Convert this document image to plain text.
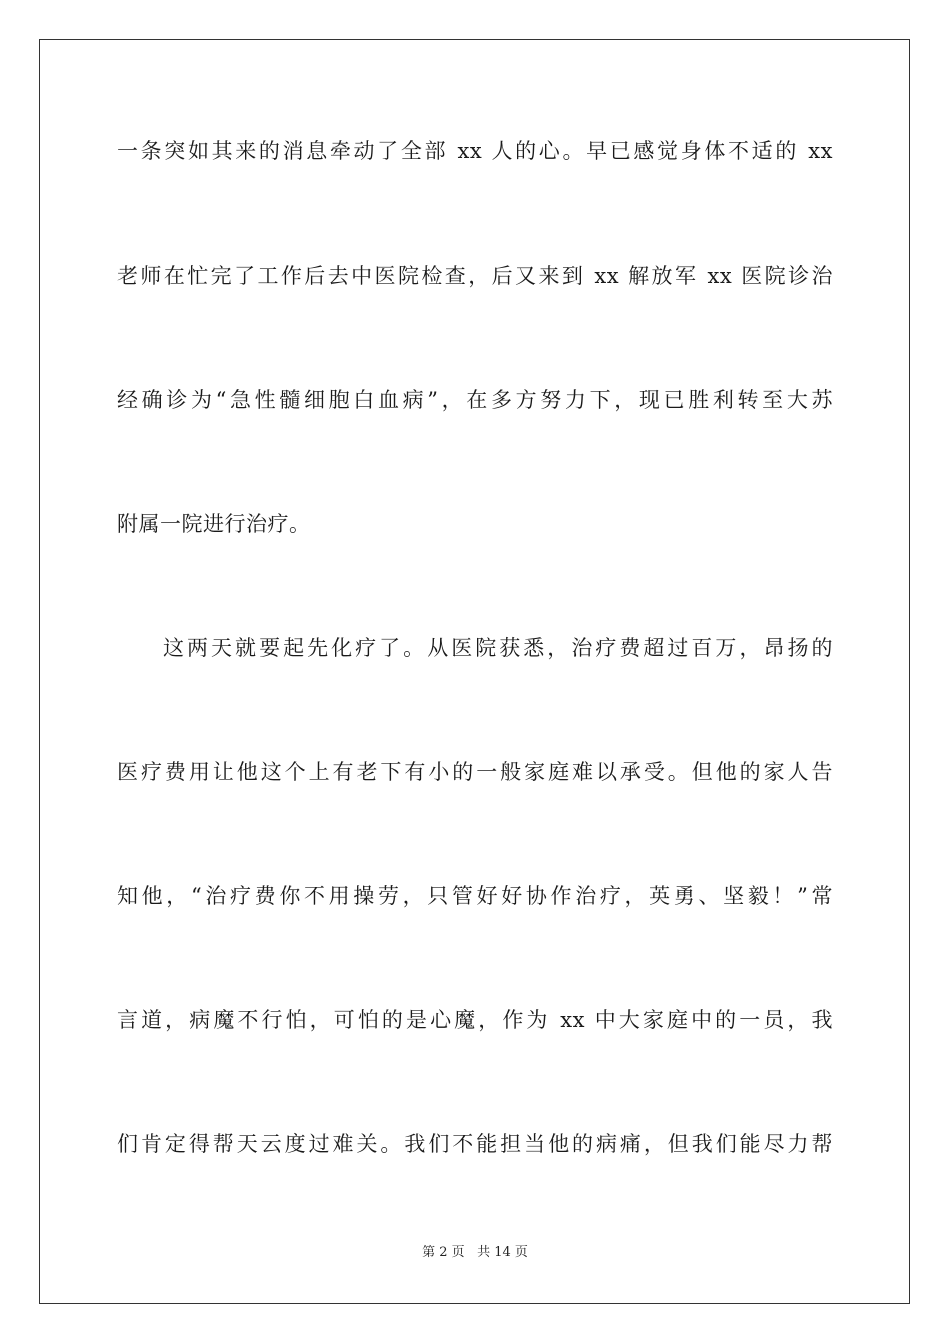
一条突如其来的消息牵动了全部 xx 人的心。早已感觉身体不适的 xx
老师在忙完了工作后去中医院检查，后又来到 xx 解放军 xx 医院诊治
经确诊为“急性髓细胞白血病”，在多方努力下，现已胜利转至大苏
附属一院进行治疗。
这两天就要起先化疗了。从医院获悉，治疗费超过百万，昂扬的
医疗费用让他这个上有老下有小的一般家庭难以承受。但他的家人告
知他，“治疗费你不用操劳，只管好好协作治疗，英勇、坚毅！”常
言道，病魔不行怕，可怕的是心魔，作为 xx 中大家庭中的一员，我
们肯定得帮天云度过难关。我们不能担当他的病痛，但我们能尽力帮
第 2 页 共 14 页
